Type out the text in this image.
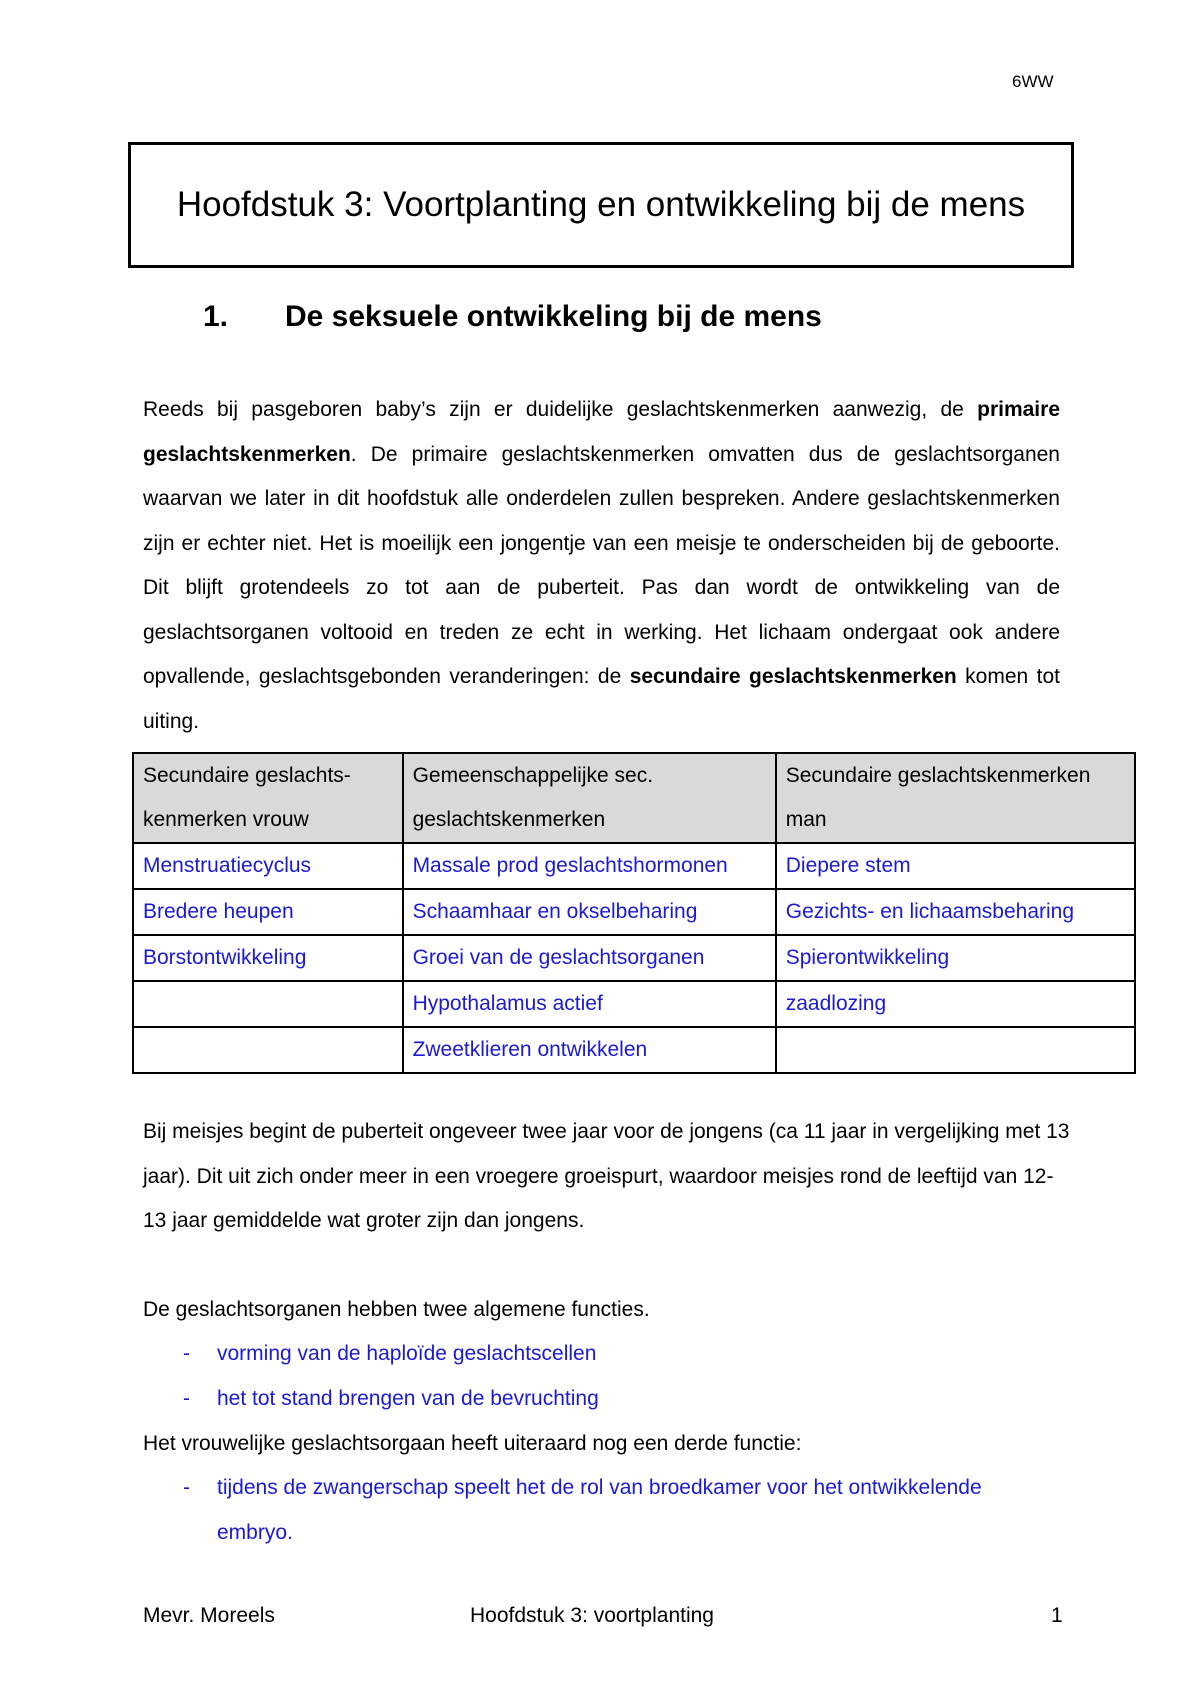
6WW
Hoofdstuk 3: Voortplanting en ontwikkeling bij de mens
1.	De seksuele ontwikkeling bij de mens

Reeds bij pasgeboren baby’s zijn er duidelijke geslachtskenmerken aanwezig, de primaire geslachtskenmerken. De primaire geslachtskenmerken omvatten dus de geslachtsorganen waarvan we later in dit hoofdstuk alle onderdelen zullen bespreken. Andere geslachtskenmerken zijn er echter niet. Het is moeilijk een jongentje van een meisje te onderscheiden bij de geboorte. Dit blijft grotendeels zo tot aan de puberteit. Pas dan wordt de ontwikkeling van de geslachtsorganen voltooid en treden ze echt in werking. Het lichaam ondergaat ook andere opvallende, geslachtsgebonden veranderingen: de secundaire geslachtskenmerken komen tot uiting.

Secundaire geslachts-kenmerken vrouw	Gemeenschappelijke sec. geslachtskenmerken	Secundaire geslachtskenmerken man
Menstruatiecyclus	Massale prod geslachtshormonen	Diepere stem
Bredere heupen	Schaamhaar en okselbeharing	Gezichts- en lichaamsbeharing
Borstontwikkeling	Groei van de geslachtsorganen	Spierontwikkeling
	Hypothalamus actief	zaadlozing
	Zweetklieren ontwikkelen	

Bij meisjes begint de puberteit ongeveer twee jaar voor de jongens (ca 11 jaar in vergelijking met 13 jaar). Dit uit zich onder meer in een vroegere groeispurt, waardoor meisjes rond de leeftijd van 12-13 jaar gemiddelde wat groter zijn dan jongens.

De geslachtsorganen hebben twee algemene functies.

-	vorming van de haploïde geslachtscellen
-	het tot stand brengen van de bevruchting

Het vrouwelijke geslachtsorgaan heeft uiteraard nog een derde functie:

-	tijdens de zwangerschap speelt het de rol van broedkamer voor het ontwikkelende embryo.
Mevr. Moreels	Hoofdstuk 3: voortplanting	1
